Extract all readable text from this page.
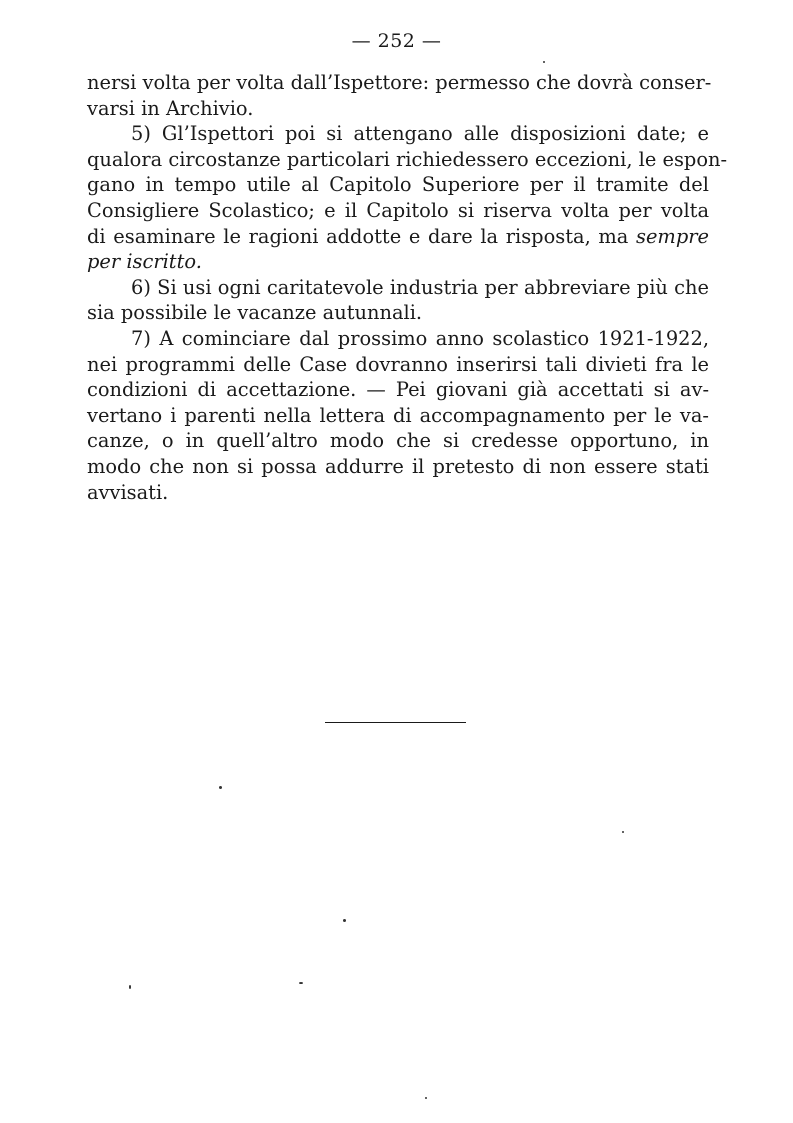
— 252 —
nersi volta per volta dall’Ispettore: permesso che dovrà conser-
varsi in Archivio.
5) Gl’Ispettori poi si attengano alle disposizioni date; e
qualora circostanze particolari richiedessero eccezioni, le espon-
gano in tempo utile al Capitolo Superiore per il tramite del
Consigliere Scolastico; e il Capitolo si riserva volta per volta
di esaminare le ragioni addotte e dare la risposta, ma sempre
per iscritto.
6) Si usi ogni caritatevole industria per abbreviare più che
sia possibile le vacanze autunnali.
7) A cominciare dal prossimo anno scolastico 1921-1922,
nei programmi delle Case dovranno inserirsi tali divieti fra le
condizioni di accettazione. — Pei giovani già accettati si av-
vertano i parenti nella lettera di accompagnamento per le va-
canze, o in quell’altro modo che si credesse opportuno, in
modo che non si possa addurre il pretesto di non essere stati
avvisati.
